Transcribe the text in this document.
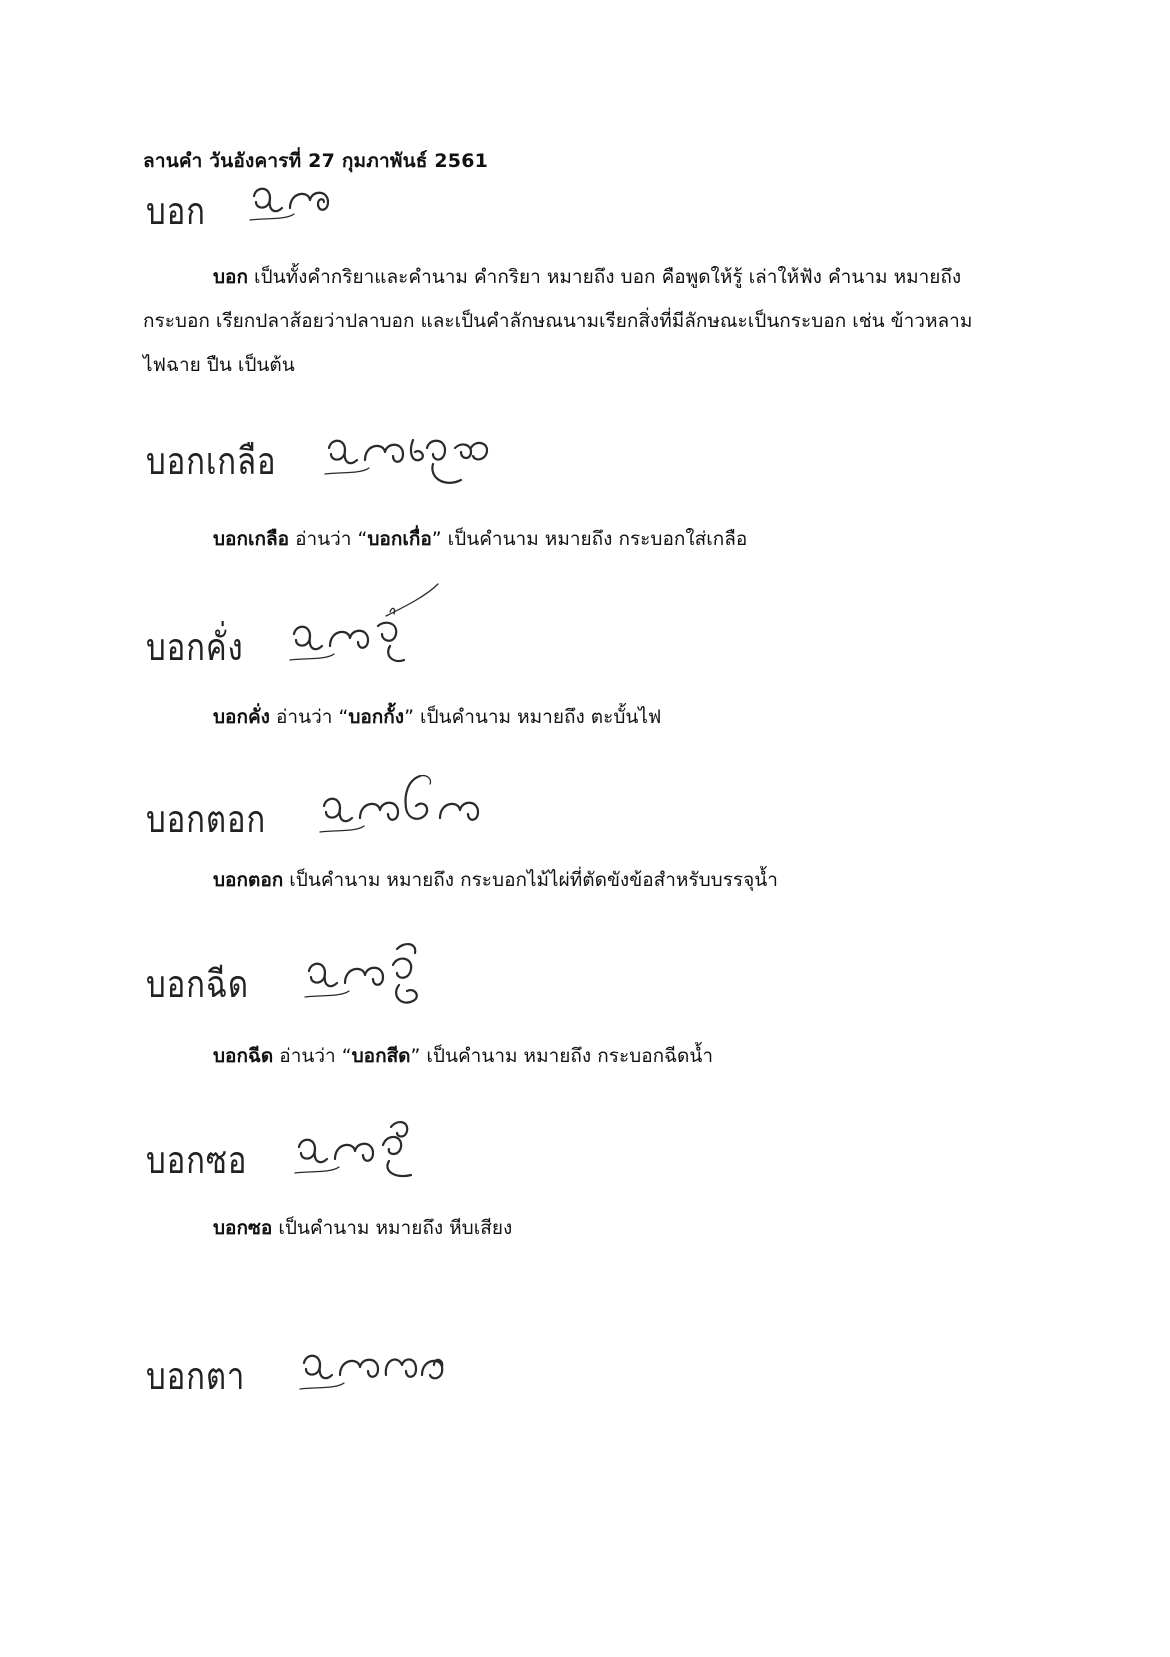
ลานคำ วันอังคารที่ 27 กุมภาพันธ์ 2561
บอก
บอก เป็นทั้งคำกริยาและคำนาม คำกริยา หมายถึง บอก คือพูดให้รู้ เล่าให้ฟัง คำนาม หมายถึง กระบอก เรียกปลาส้อยว่าปลาบอก และเป็นคำลักษณนามเรียกสิ่งที่มีลักษณะเป็นกระบอก เช่น ข้าวหลาม ไฟฉาย ปืน เป็นต้น
บอกเกลือ
บอกเกลือ อ่านว่า “บอกเกื่อ” เป็นคำนาม หมายถึง กระบอกใส่เกลือ
บอกคั่ง
บอกคั่ง อ่านว่า “บอกกั้ง” เป็นคำนาม หมายถึง ตะบั้นไฟ
บอกตอก
บอกตอก เป็นคำนาม หมายถึง กระบอกไม้ไผ่ที่ตัดขังข้อสำหรับบรรจุน้ำ
บอกฉีด
บอกฉีด อ่านว่า “บอกสีด” เป็นคำนาม หมายถึง กระบอกฉีดน้ำ
บอกซอ
บอกซอ เป็นคำนาม หมายถึง หีบเสียง
บอกตา
